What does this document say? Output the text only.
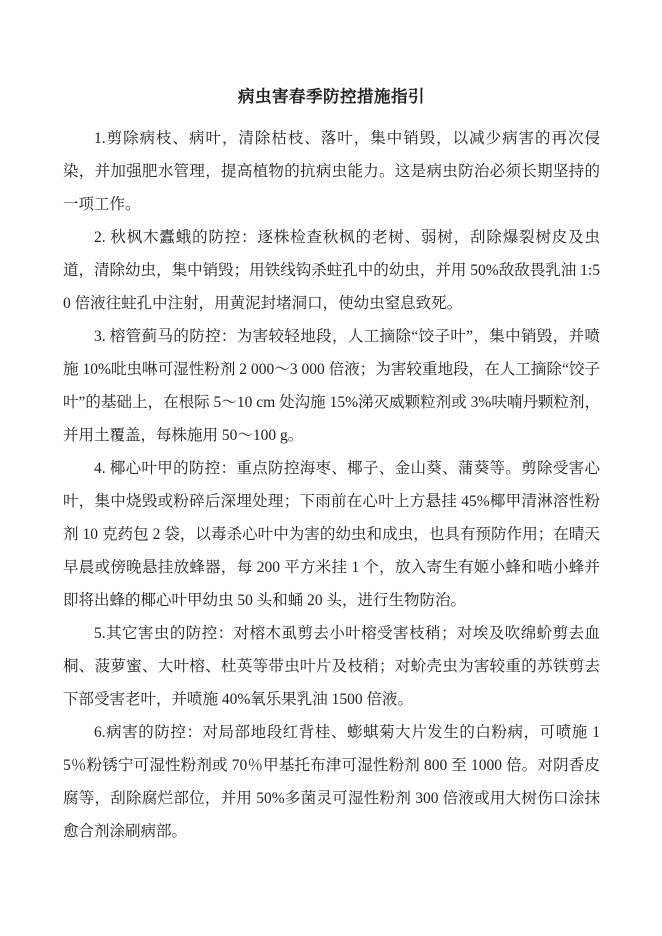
病虫害春季防控措施指引

1.剪除病枝、病叶，清除枯枝、落叶，集中销毁，以减少病害的再次侵染，并加强肥水管理，提高植物的抗病虫能力。这是病虫防治必须长期坚持的一项工作。

2. 秋枫木蠹蛾的防控：逐株检查秋枫的老树、弱树，刮除爆裂树皮及虫道，清除幼虫，集中销毁；用铁线钩杀蛀孔中的幼虫，并用 50%敌敌畏乳油 1:50 倍液往蛀孔中注射，用黄泥封堵洞口，使幼虫窒息致死。

3. 榕管蓟马的防控：为害较轻地段，人工摘除“饺子叶”，集中销毁，并喷施 10%吡虫啉可湿性粉剂 2 000～3 000 倍液；为害较重地段，在人工摘除“饺子叶”的基础上，在根际 5～10 cm 处沟施 15%涕灭威颗粒剂或 3%呋喃丹颗粒剂，并用土覆盖，每株施用 50～100 g。

4. 椰心叶甲的防控：重点防控海枣、椰子、金山葵、蒲葵等。剪除受害心叶，集中烧毁或粉碎后深埋处理；下雨前在心叶上方悬挂 45%椰甲清淋溶性粉剂 10 克药包 2 袋，以毒杀心叶中为害的幼虫和成虫，也具有预防作用；在晴天早晨或傍晚悬挂放蜂器，每 200 平方米挂 1 个，放入寄生有姬小蜂和啮小蜂并即将出蜂的椰心叶甲幼虫 50 头和蛹 20 头，进行生物防治。

5.其它害虫的防控：对榕木虱剪去小叶榕受害枝稍；对埃及吹绵蚧剪去血桐、菠萝蜜、大叶榕、杜英等带虫叶片及枝稍；对蚧壳虫为害较重的苏铁剪去下部受害老叶，并喷施 40%氧乐果乳油 1500 倍液。

6.病害的防控：对局部地段红背桂、蟛蜞菊大片发生的白粉病，可喷施 15％粉锈宁可湿性粉剂或 70％甲基托布津可湿性粉剂 800 至 1000 倍。对阴香皮腐等，刮除腐烂部位，并用 50%多菌灵可湿性粉剂 300 倍液或用大树伤口涂抹愈合剂涂刷病部。
